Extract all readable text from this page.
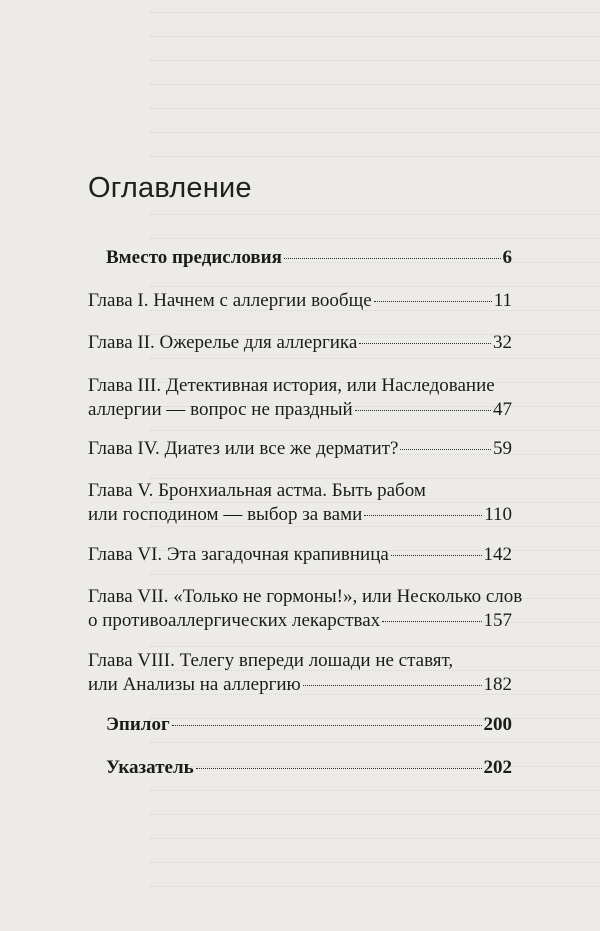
Оглавление
Вместо предисловия	6
Глава I. Начнем с аллергии вообще	11
Глава II. Ожерелье для аллергика	32
Глава III. Детективная история, или Наследование
аллергии — вопрос не праздный	47
Глава IV. Диатез или все же дерматит?	59
Глава V. Бронхиальная астма. Быть рабом
или господином — выбор за вами	110
Глава VI. Эта загадочная крапивница	142
Глава VII. «Только не гормоны!», или Несколько слов
о противоаллергических лекарствах	157
Глава VIII. Телегу впереди лошади не ставят,
или Анализы на аллергию	182
Эпилог	200
Указатель	202
